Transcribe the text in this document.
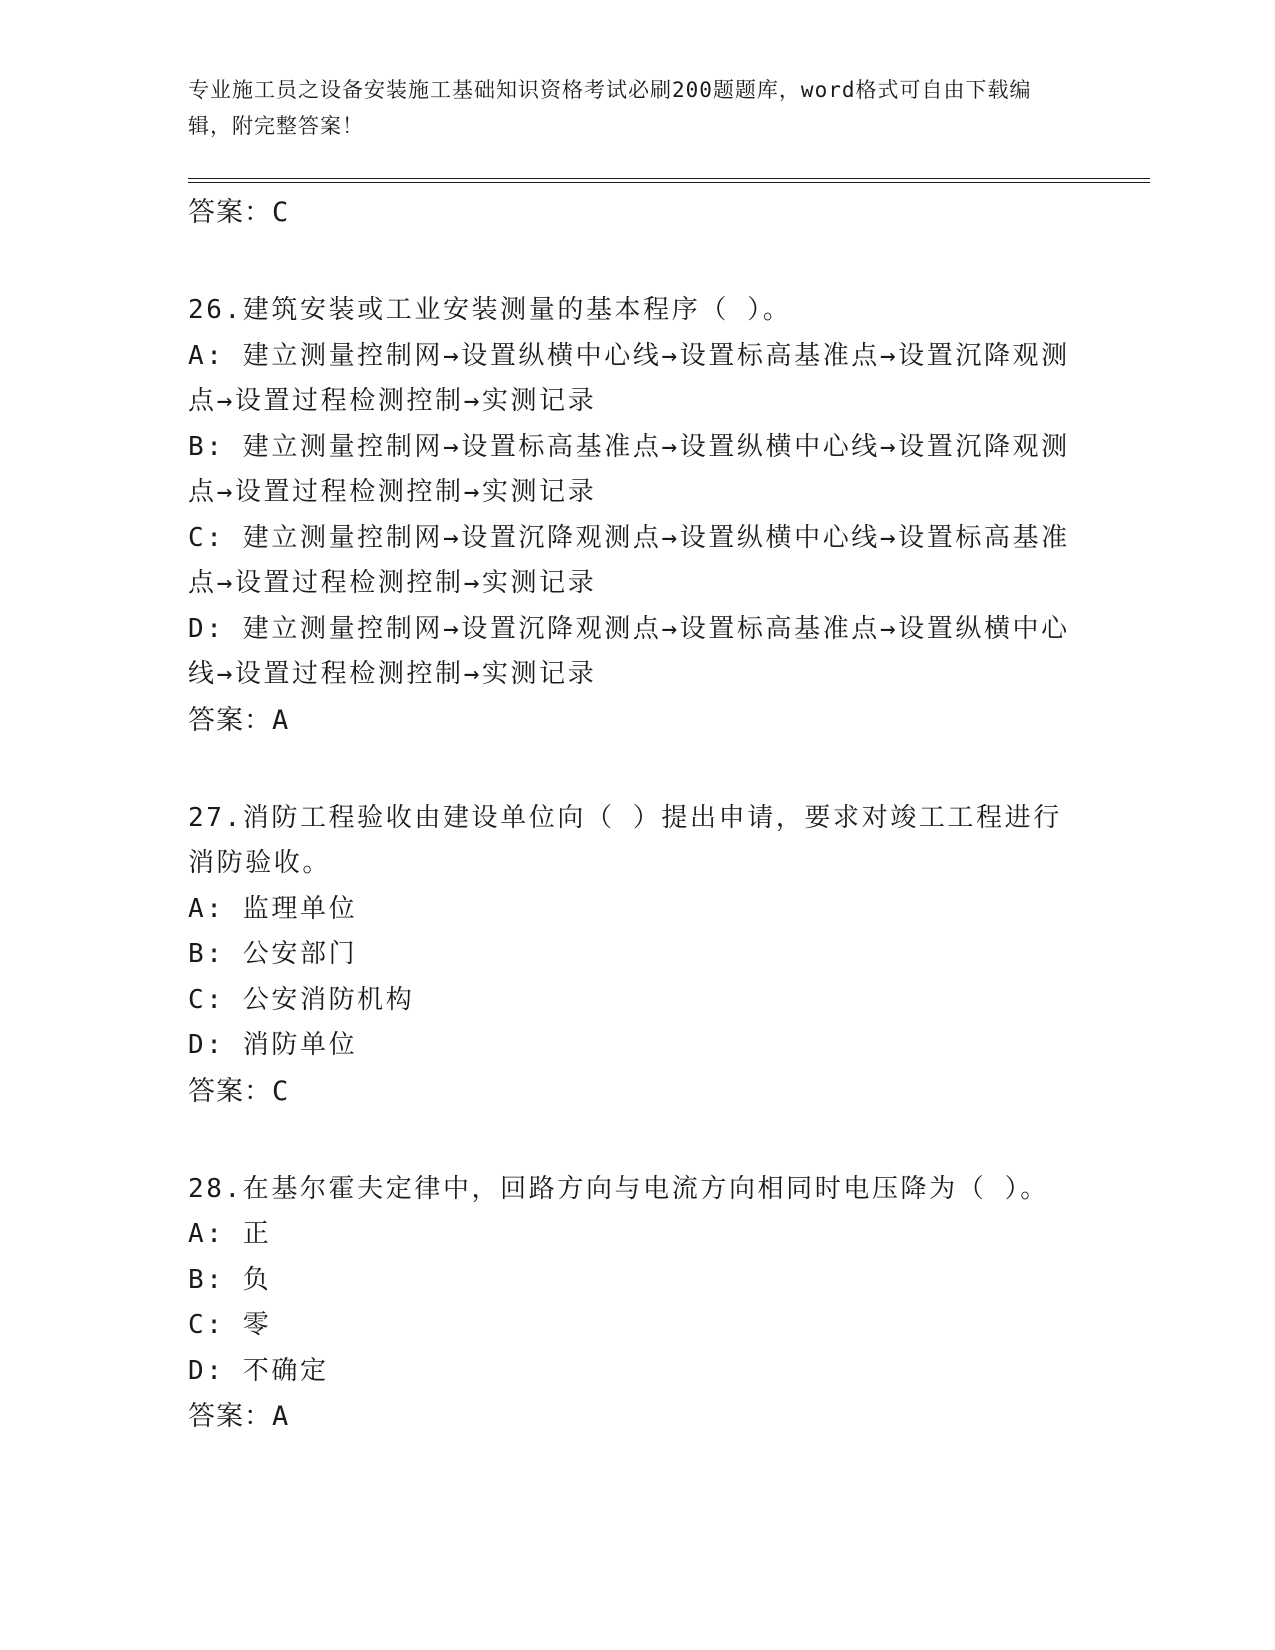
专业施工员之设备安装施工基础知识资格考试必刷200题题库，word格式可自由下载编辑，附完整答案！

答案：C

26.建筑安装或工业安装测量的基本程序（ ）。

A: 建立测量控制网→设置纵横中心线→设置标高基准点→设置沉降观测点→设置过程检测控制→实测记录

B: 建立测量控制网→设置标高基准点→设置纵横中心线→设置沉降观测点→设置过程检测控制→实测记录

C: 建立测量控制网→设置沉降观测点→设置纵横中心线→设置标高基准点→设置过程检测控制→实测记录

D: 建立测量控制网→设置沉降观测点→设置标高基准点→设置纵横中心线→设置过程检测控制→实测记录

答案：A

27.消防工程验收由建设单位向（ ）提出申请，要求对竣工工程进行消防验收。

A: 监理单位

B: 公安部门

C: 公安消防机构

D: 消防单位

答案：C

28.在基尔霍夫定律中，回路方向与电流方向相同时电压降为（ ）。

A: 正

B: 负

C: 零

D: 不确定

答案：A
